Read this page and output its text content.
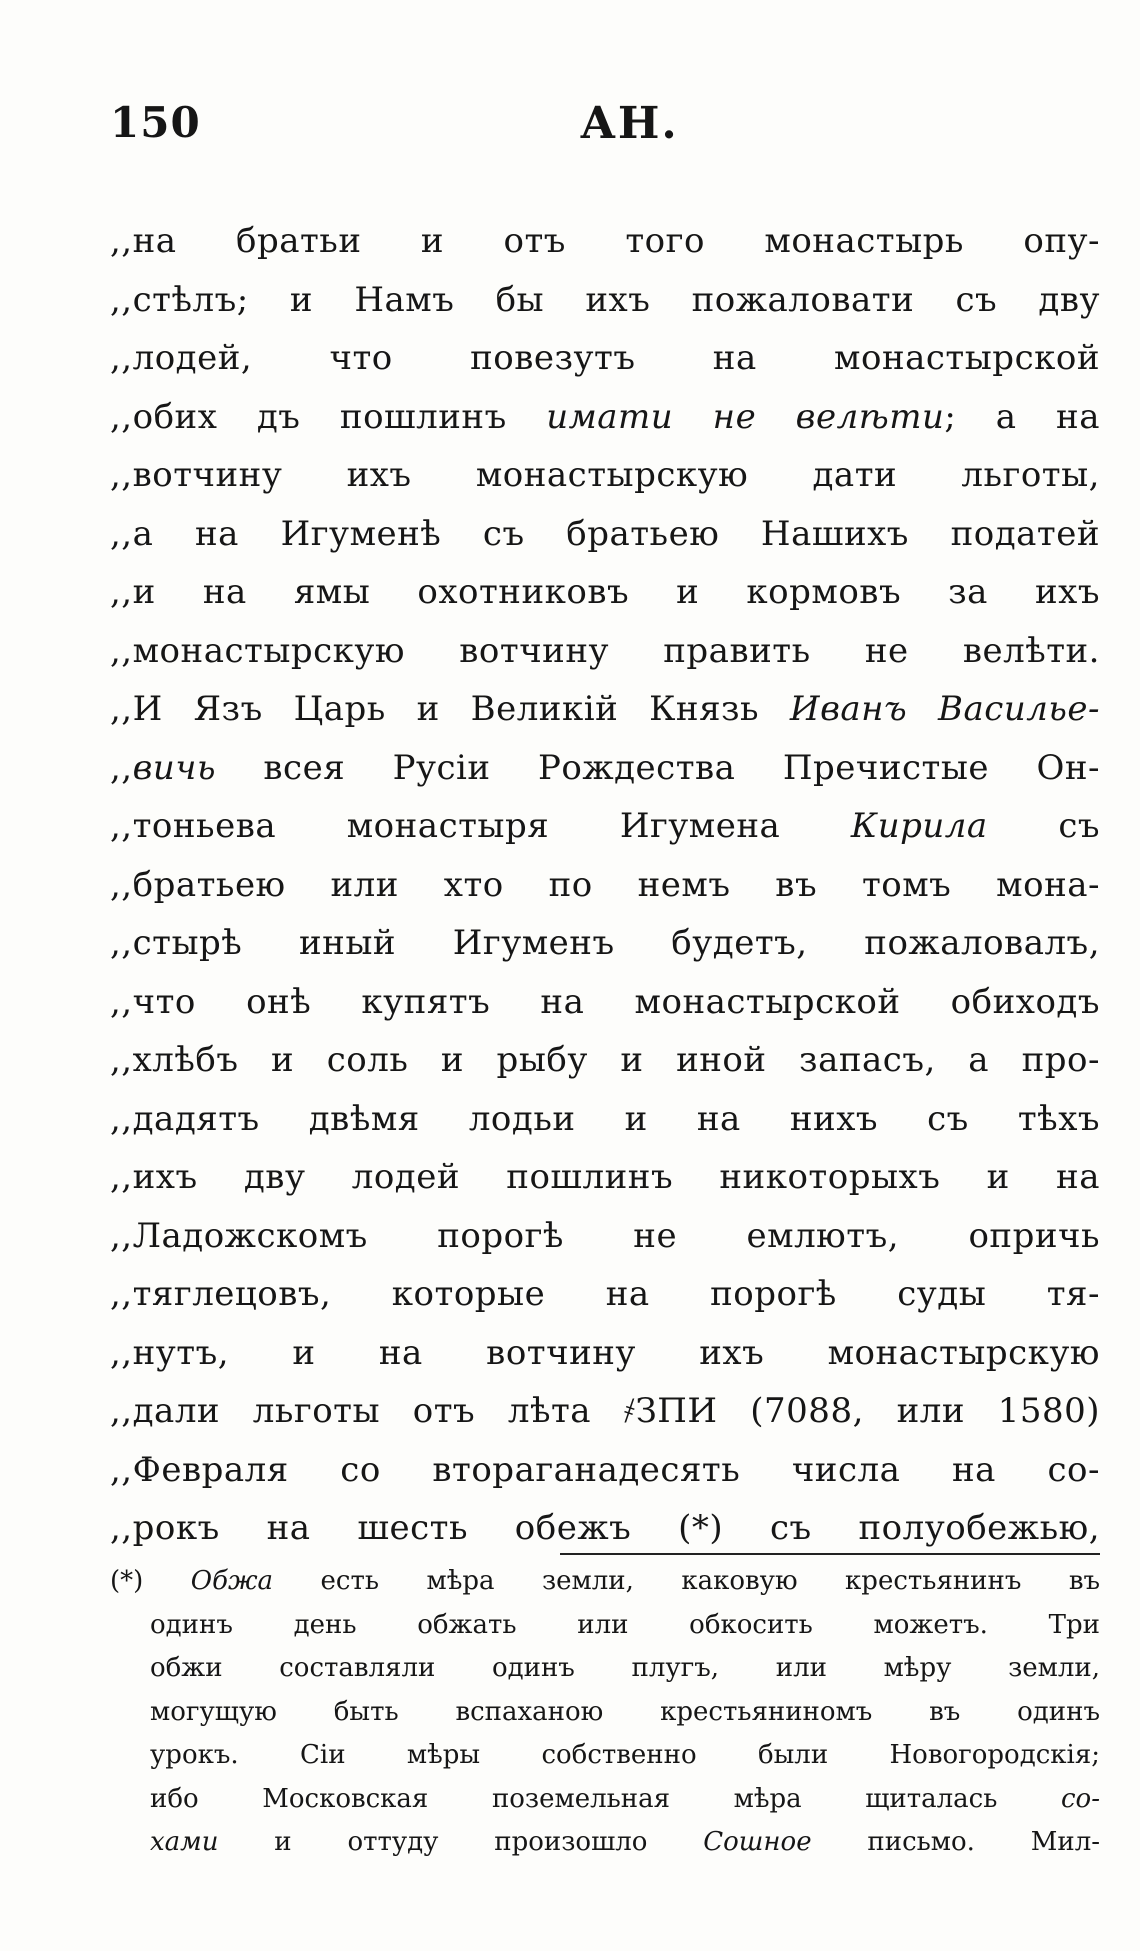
150	АН.
,,на братьи и отъ того монастырь опу-
,,стѣлъ; и Намъ бы ихъ пожаловати съ дву
,,лодей, что повезутъ на монастырской
,,обих дъ пошлинъ имати не велѣти; а на
,,вотчину ихъ монастырскую дати льготы,
,,а на Игуменѣ съ братьею Нашихъ податей
,,и на ямы охотниковъ и кормовъ за ихъ
,,монастырскую вотчину править не велѣти.
,,И Язъ Царь и Великій Князь Иванъ Василье-
,,вичь всея Русіи Рождества Пречистые Он-
,,тоньева монастыря Игумена Кирила съ
,,братьею или хто по немъ въ томъ мона-
,,стырѣ иный Игуменъ будетъ, пожаловалъ,
,,что онѣ купятъ на монастырской обиходъ
,,хлѣбъ и соль и рыбу и иной запасъ, а про-
,,дадятъ двѣмя лодьи и на нихъ съ тѣхъ
,,ихъ дву лодей пошлинъ никоторыхъ и на
,,Ладожскомъ порогѣ не емлютъ, опричь
,,тяглецовъ, которые на порогѣ суды тя-
,,нутъ, и на вотчину ихъ монастырскую
,,дали льготы отъ лѣта ҂ЗПИ (7088, или 1580)
,,Февраля со втораганадесять числа на со-
,,рокъ на шесть обежъ (*) съ полуобежью,
(*) Обжа есть мѣра земли, каковую крестьянинъ въ
одинъ день обжать или обкосить можетъ. Три
обжи составляли одинъ плугъ, или мѣру земли,
могущую быть вспаханою крестьяниномъ въ одинъ
урокъ. Сіи мѣры собственно были Новогородскія;
ибо Московская поземельная мѣра щиталась со-
хами и оттуду произошло Сошное письмо. Мил-
